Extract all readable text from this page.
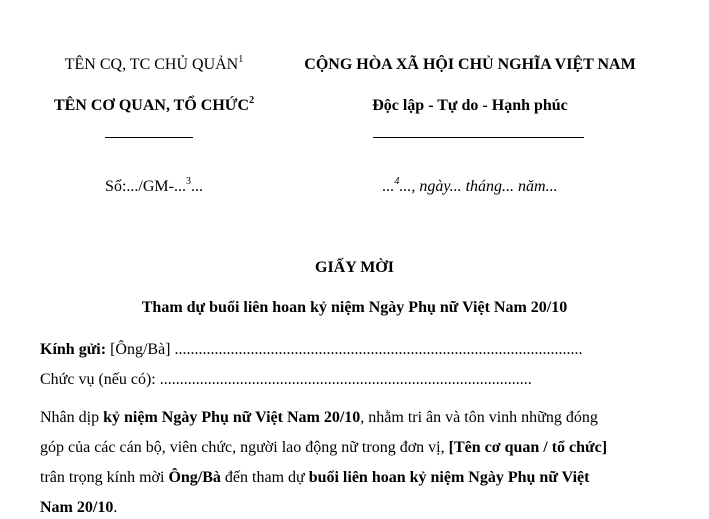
TÊN CQ, TC CHỦ QUẢN$^1$
TÊN CƠ QUAN, TỔ CHỨC$^2$
Số:.../GM-...$^3$...
CỘNG HÒA XÃ HỘI CHỦ NGHĨA VIỆT NAM
Độc lập - Tự do - Hạnh phúc
...$^4$..., ngày... tháng... năm...
GIẤY MỜI
Tham dự buổi liên hoan kỷ niệm Ngày Phụ nữ Việt Nam 20/10
Kính gửi: [Ông/Bà] ......................................................................................................
Chức vụ (nếu có): .............................................................................................
Nhân dịp kỷ niệm Ngày Phụ nữ Việt Nam 20/10, nhằm tri ân và tôn vinh những đóng
góp của các cán bộ, viên chức, người lao động nữ trong đơn vị, [Tên cơ quan / tổ chức]
trân trọng kính mời Ông/Bà đến tham dự buổi liên hoan kỷ niệm Ngày Phụ nữ Việt
Nam 20/10.
